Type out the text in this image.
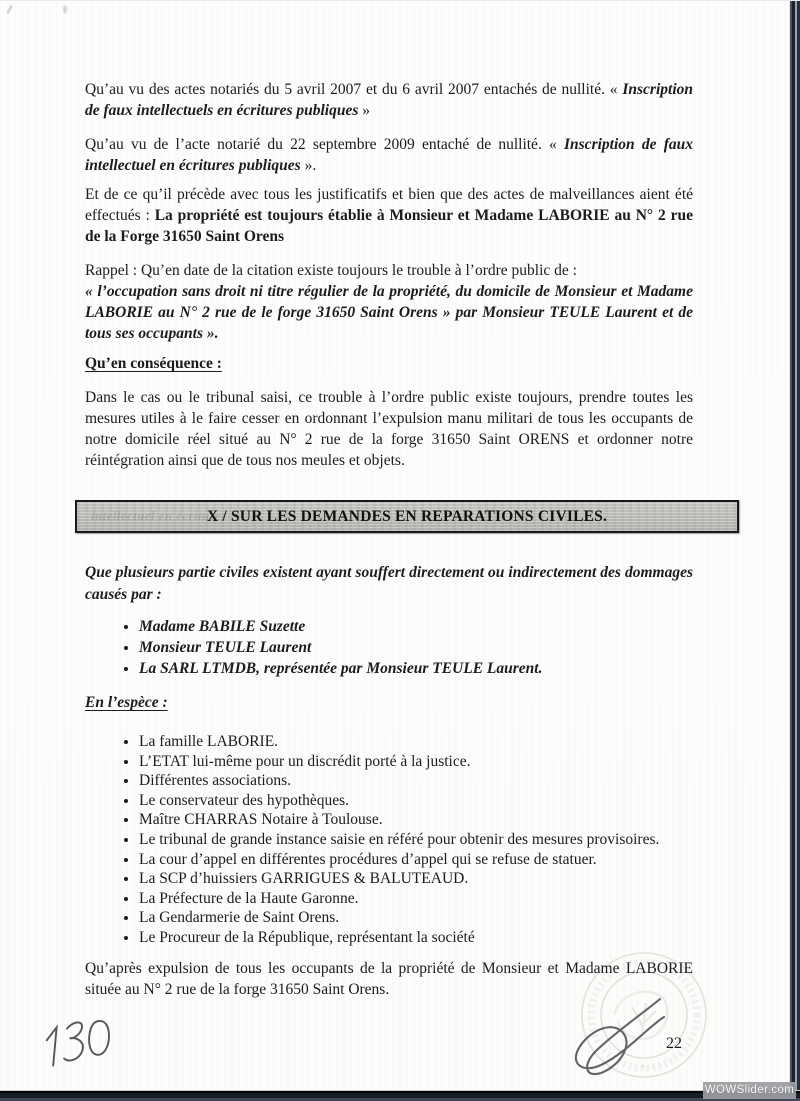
*

Qu’au vu des actes notariés du 5 avril 2007 et du 6 avril 2007 entachés de nullité. « Inscription de faux intellectuels en écritures publiques »

Qu’au vu de l’acte notarié du 22 septembre 2009 entaché de nullité. « Inscription de faux intellectuel en écritures publiques ».

Et de ce qu’il précède avec tous les justificatifs et bien que des actes de malveillances aient été effectués : La propriété est toujours établie à Monsieur et Madame LABORIE au N° 2 rue de la Forge 31650 Saint Orens

Rappel : Qu’en date de la citation existe toujours le trouble à l’ordre public de :
« l’occupation sans droit ni titre régulier de la propriété, du domicile de Monsieur et Madame LABORIE au N° 2 rue de le forge 31650 Saint Orens » par Monsieur TEULE Laurent et de tous ses occupants ».

Qu’en conséquence :

Dans le cas ou le tribunal saisi, ce trouble à l’ordre public existe toujours, prendre toutes les mesures utiles à le faire cesser en ordonnant l’expulsion manu militari de tous les occupants de notre domicile réel situé au N° 2 rue de la forge 31650 Saint ORENS et ordonner notre réintégration ainsi que de tous nos meules et objets.

intellectuel en écritures
X / SUR LES DEMANDES EN REPARATIONS CIVILES.

Que plusieurs partie civiles existent ayant souffert directement ou indirectement des dommages causés par :

• Madame BABILE Suzette
• Monsieur TEULE Laurent
• La SARL LTMDB, représentée par Monsieur TEULE Laurent.
En l’espèce :
• La famille LABORIE.
• L’ETAT lui-même pour un discrédit porté à la justice.
• Différentes associations.
• Le conservateur des hypothèques.
• Maître CHARRAS Notaire à Toulouse.
• Le tribunal de grande instance saisie en référé pour obtenir des mesures provisoires.
• La cour d’appel en différentes procédures d’appel qui se refuse de statuer.
• La SCP d’huissiers GARRIGUES & BALUTEAUD.
• La Préfecture de la Haute Garonne.
• La Gendarmerie de Saint Orens.
• Le Procureur de la République, représentant la société

Qu’après expulsion de tous les occupants de la propriété de Monsieur et Madame LABORIE située au N° 2 rue de la forge 31650 Saint Orens.

22
WOWSlider.com
